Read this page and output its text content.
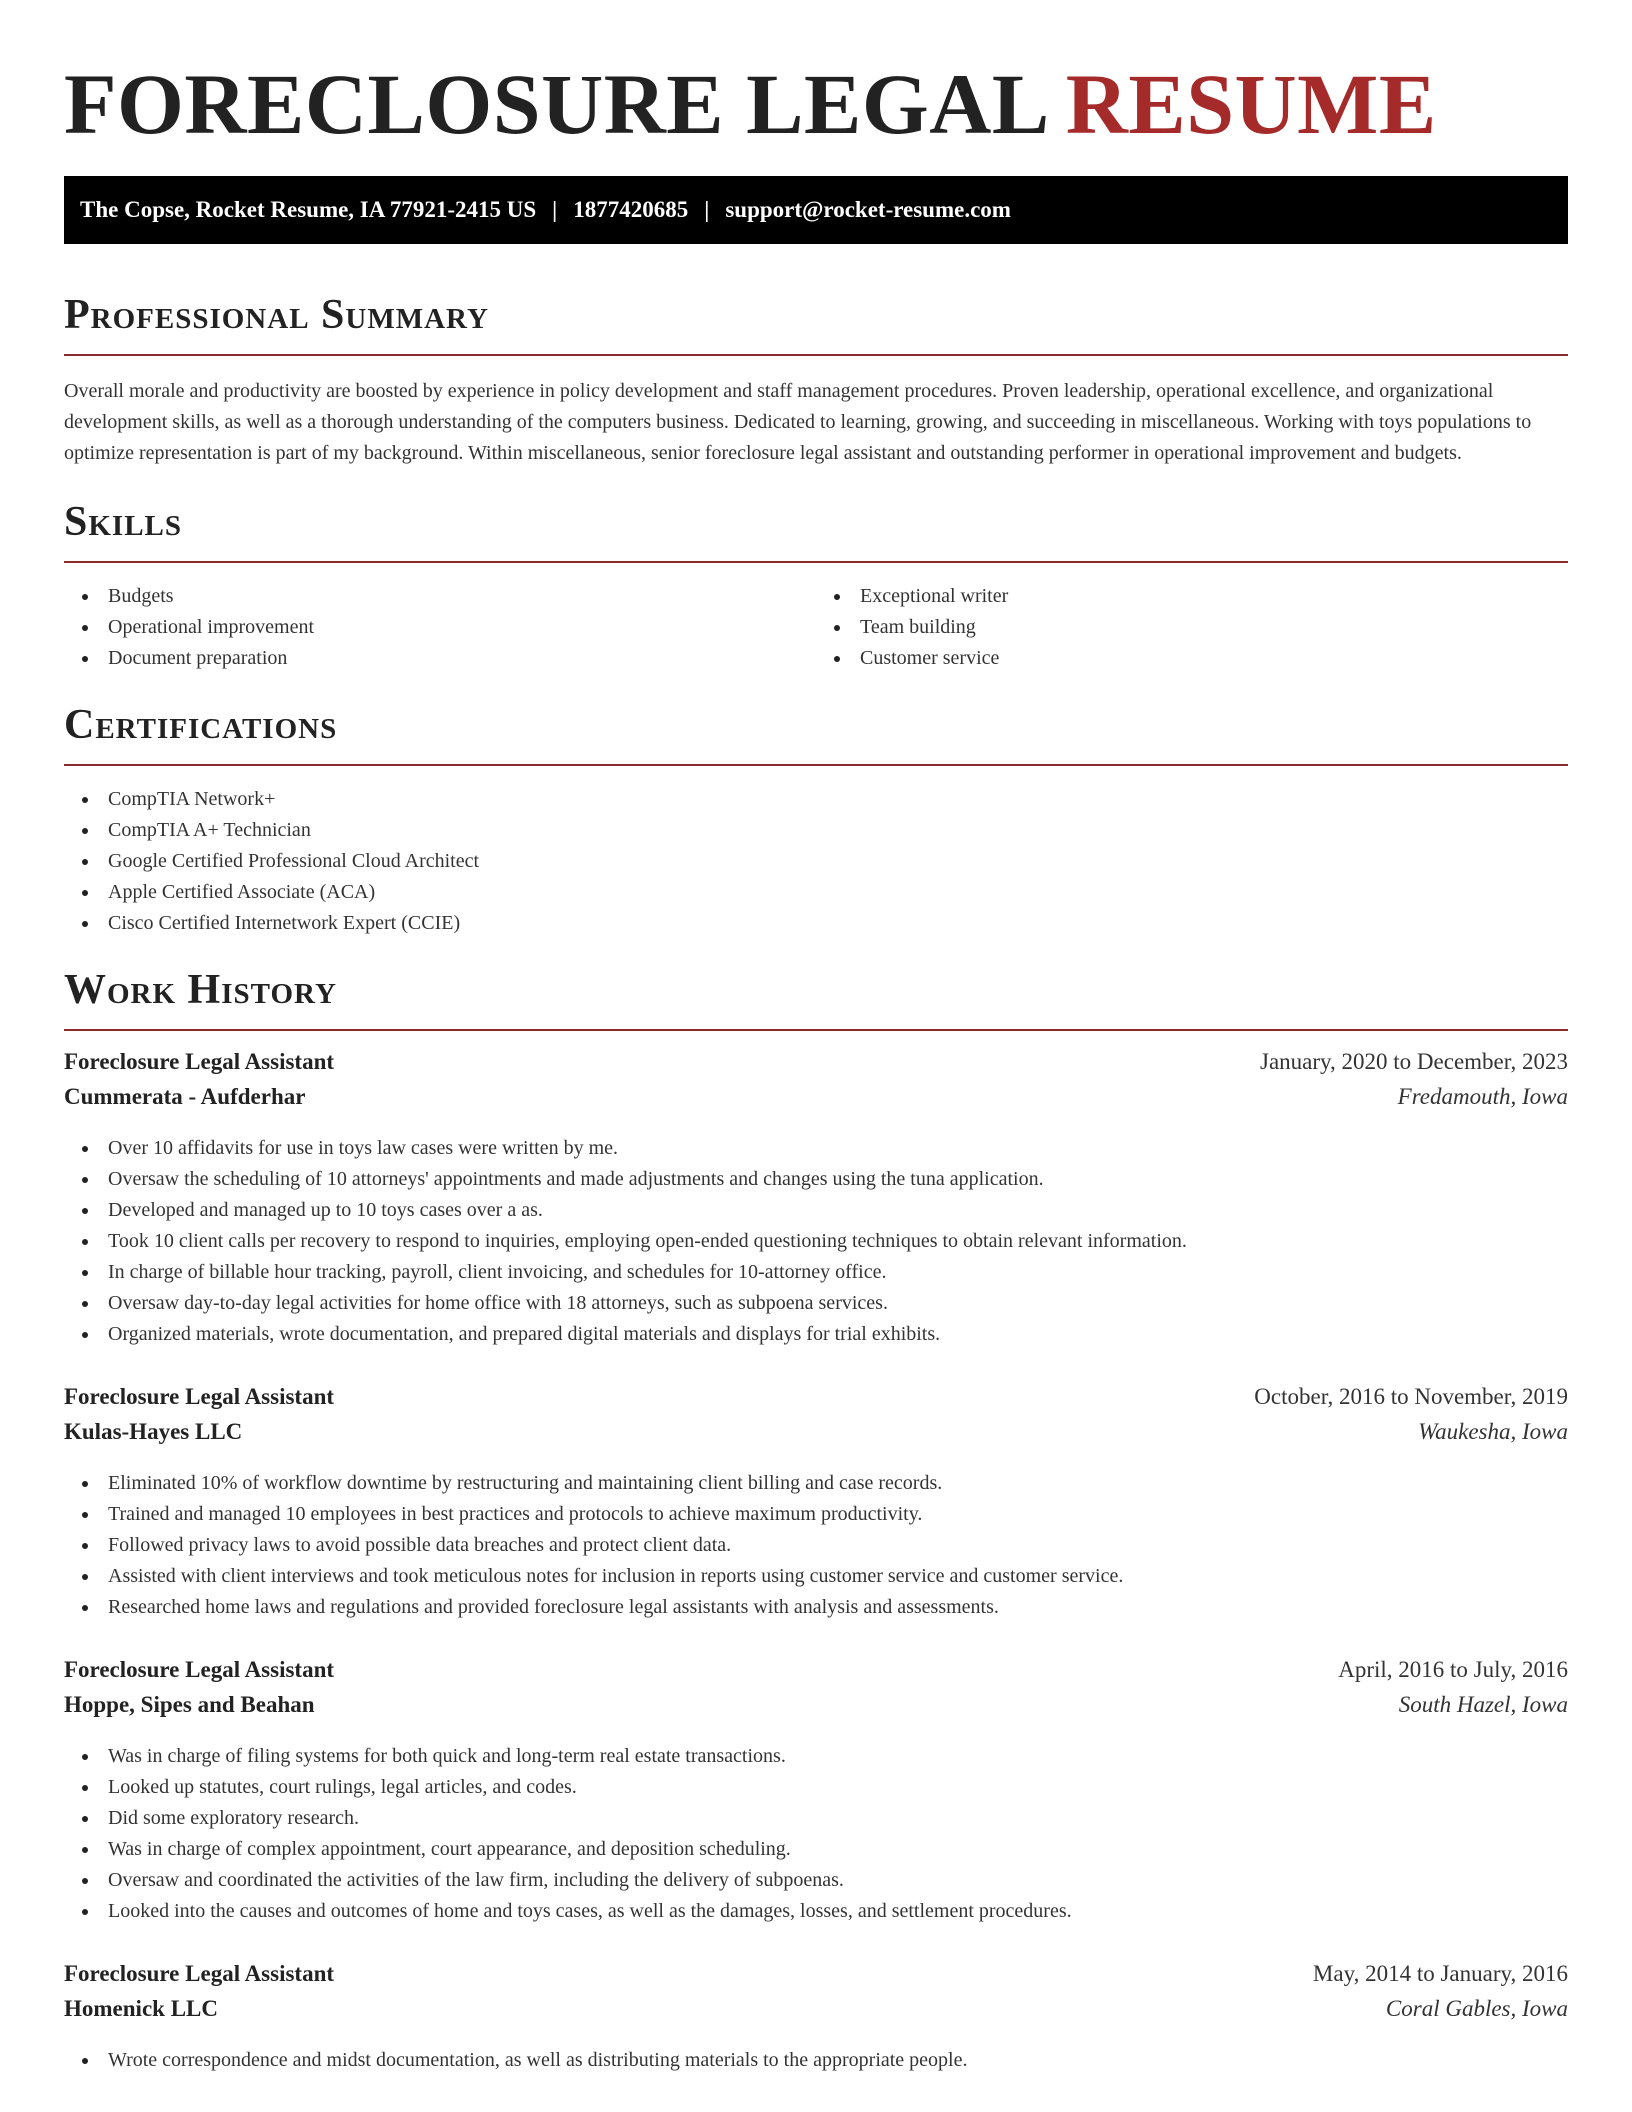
FORECLOSURE LEGAL RESUME
The Copse, Rocket Resume, IA 77921-2415 US | 1877420685 | support@rocket-resume.com
Professional Summary

Overall morale and productivity are boosted by experience in policy development and staff management procedures. Proven leadership, operational excellence, and organizational development skills, as well as a thorough understanding of the computers business. Dedicated to learning, growing, and succeeding in miscellaneous. Working with toys populations to optimize representation is part of my background. Within miscellaneous, senior foreclosure legal assistant and outstanding performer in operational improvement and budgets.

Skills
Budgets
Operational improvement
Document preparation
Exceptional writer
Team building
Customer service
Certifications
CompTIA Network+
CompTIA A+ Technician
Google Certified Professional Cloud Architect
Apple Certified Associate (ACA)
Cisco Certified Internetwork Expert (CCIE)
Work History
Foreclosure Legal Assistant	January, 2020 to December, 2023
Cummerata - Aufderhar	Fredamouth, Iowa
Over 10 affidavits for use in toys law cases were written by me.
Oversaw the scheduling of 10 attorneys' appointments and made adjustments and changes using the tuna application.
Developed and managed up to 10 toys cases over a as.
Took 10 client calls per recovery to respond to inquiries, employing open-ended questioning techniques to obtain relevant information.
In charge of billable hour tracking, payroll, client invoicing, and schedules for 10-attorney office.
Oversaw day-to-day legal activities for home office with 18 attorneys, such as subpoena services.
Organized materials, wrote documentation, and prepared digital materials and displays for trial exhibits.
Foreclosure Legal Assistant	October, 2016 to November, 2019
Kulas-Hayes LLC	Waukesha, Iowa
Eliminated 10% of workflow downtime by restructuring and maintaining client billing and case records.
Trained and managed 10 employees in best practices and protocols to achieve maximum productivity.
Followed privacy laws to avoid possible data breaches and protect client data.
Assisted with client interviews and took meticulous notes for inclusion in reports using customer service and customer service.
Researched home laws and regulations and provided foreclosure legal assistants with analysis and assessments.
Foreclosure Legal Assistant	April, 2016 to July, 2016
Hoppe, Sipes and Beahan	South Hazel, Iowa
Was in charge of filing systems for both quick and long-term real estate transactions.
Looked up statutes, court rulings, legal articles, and codes.
Did some exploratory research.
Was in charge of complex appointment, court appearance, and deposition scheduling.
Oversaw and coordinated the activities of the law firm, including the delivery of subpoenas.
Looked into the causes and outcomes of home and toys cases, as well as the damages, losses, and settlement procedures.
Foreclosure Legal Assistant	May, 2014 to January, 2016
Homenick LLC	Coral Gables, Iowa
Wrote correspondence and midst documentation, as well as distributing materials to the appropriate people.
